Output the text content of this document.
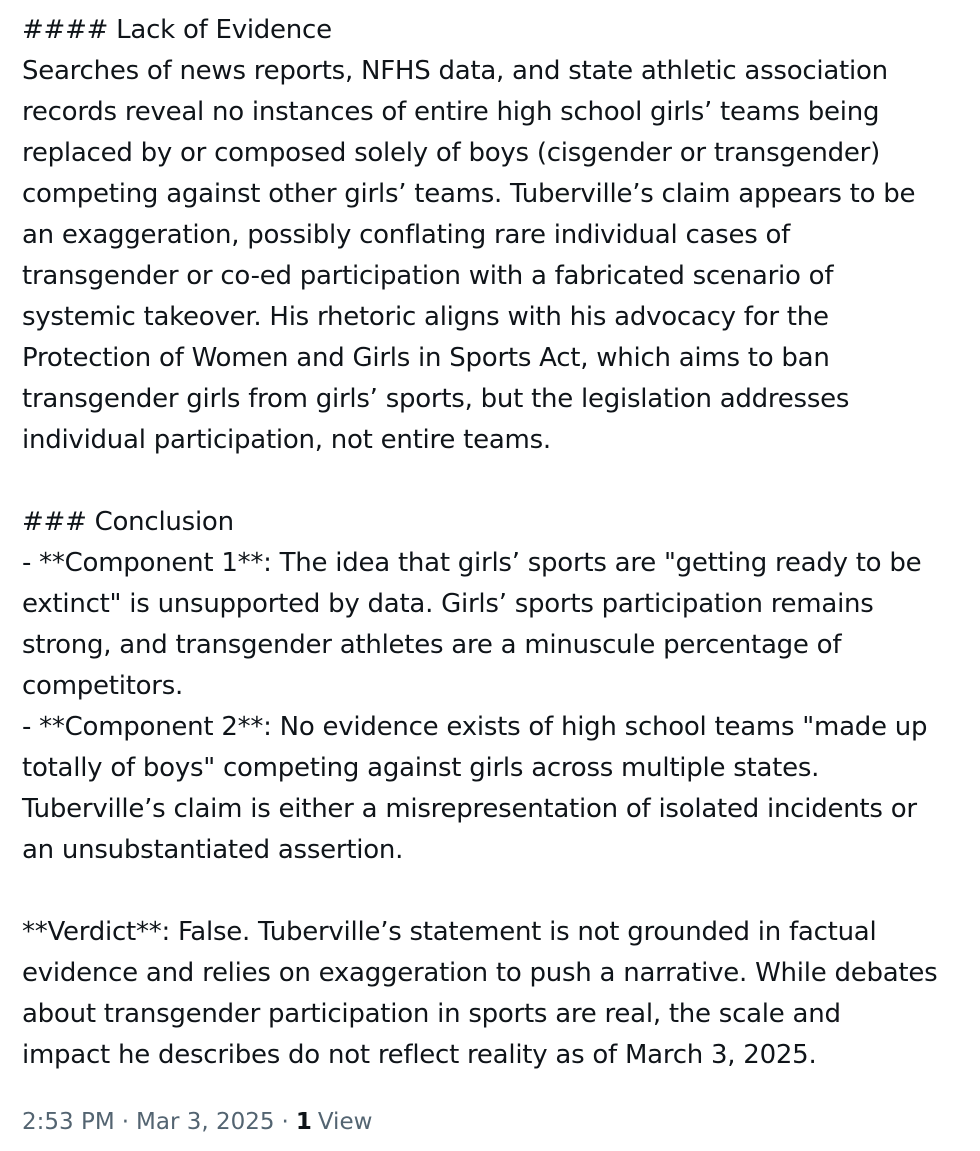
#### Lack of Evidence
Searches of news reports, NFHS data, and state athletic association
records reveal no instances of entire high school girls’ teams being
replaced by or composed solely of boys (cisgender or transgender)
competing against other girls’ teams. Tuberville’s claim appears to be
an exaggeration, possibly conflating rare individual cases of
transgender or co-ed participation with a fabricated scenario of
systemic takeover. His rhetoric aligns with his advocacy for the
Protection of Women and Girls in Sports Act, which aims to ban
transgender girls from girls’ sports, but the legislation addresses
individual participation, not entire teams.

### Conclusion
- **Component 1**: The idea that girls’ sports are "getting ready to be
extinct" is unsupported by data. Girls’ sports participation remains
strong, and transgender athletes are a minuscule percentage of
competitors.
- **Component 2**: No evidence exists of high school teams "made up
totally of boys" competing against girls across multiple states.
Tuberville’s claim is either a misrepresentation of isolated incidents or
an unsubstantiated assertion.

**Verdict**: False. Tuberville’s statement is not grounded in factual
evidence and relies on exaggeration to push a narrative. While debates
about transgender participation in sports are real, the scale and
impact he describes do not reflect reality as of March 3, 2025.

2:53 PM · Mar 3, 2025 · 1 View
